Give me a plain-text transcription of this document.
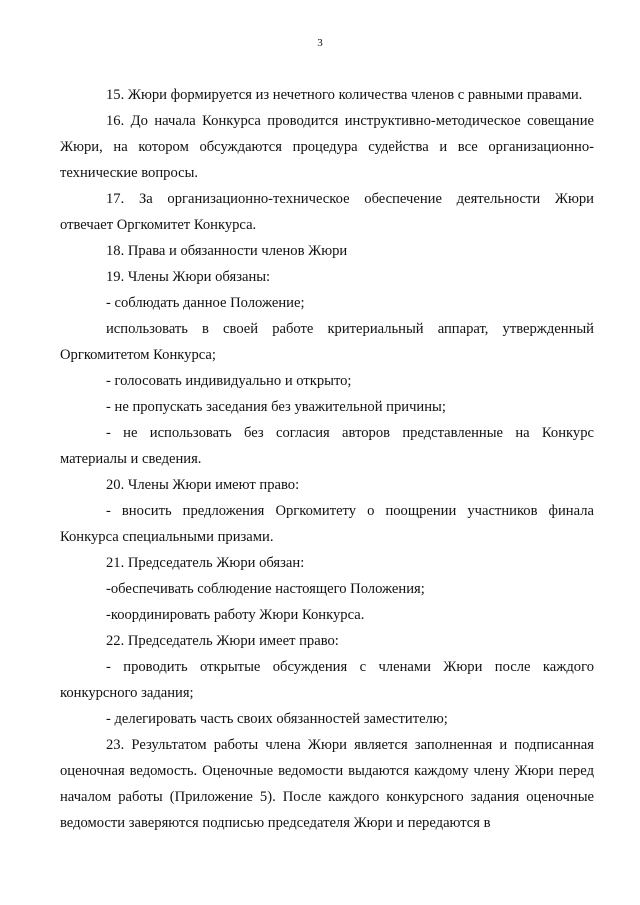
3

15. Жюри формируется из нечетного количества членов с равными правами.

16. До начала Конкурса проводится инструктивно-методическое совещание Жюри, на котором обсуждаются процедура судейства и все организационно-технические вопросы.

17. За организационно-техническое обеспечение деятельности Жюри отвечает Оргкомитет Конкурса.

18. Права и обязанности членов Жюри

19. Члены Жюри обязаны:

- соблюдать данное Положение;

использовать в своей работе критериальный аппарат, утвержденный Оргкомитетом Конкурса;

- голосовать индивидуально и открыто;

- не пропускать заседания без уважительной причины;

- не использовать без согласия авторов представленные на Конкурс материалы и сведения.

20. Члены Жюри имеют право:

- вносить предложения Оргкомитету о поощрении участников финала Конкурса специальными призами.

21. Председатель Жюри обязан:

-обеспечивать соблюдение настоящего Положения;

-координировать работу Жюри Конкурса.

22. Председатель Жюри имеет право:

- проводить открытые обсуждения с членами Жюри после каждого конкурсного задания;

- делегировать часть своих обязанностей заместителю;

23. Результатом работы члена Жюри является заполненная и подписанная оценочная ведомость. Оценочные ведомости выдаются каждому члену Жюри перед началом работы (Приложение 5). После каждого конкурсного задания оценочные ведомости заверяются подписью председателя Жюри и передаются в
